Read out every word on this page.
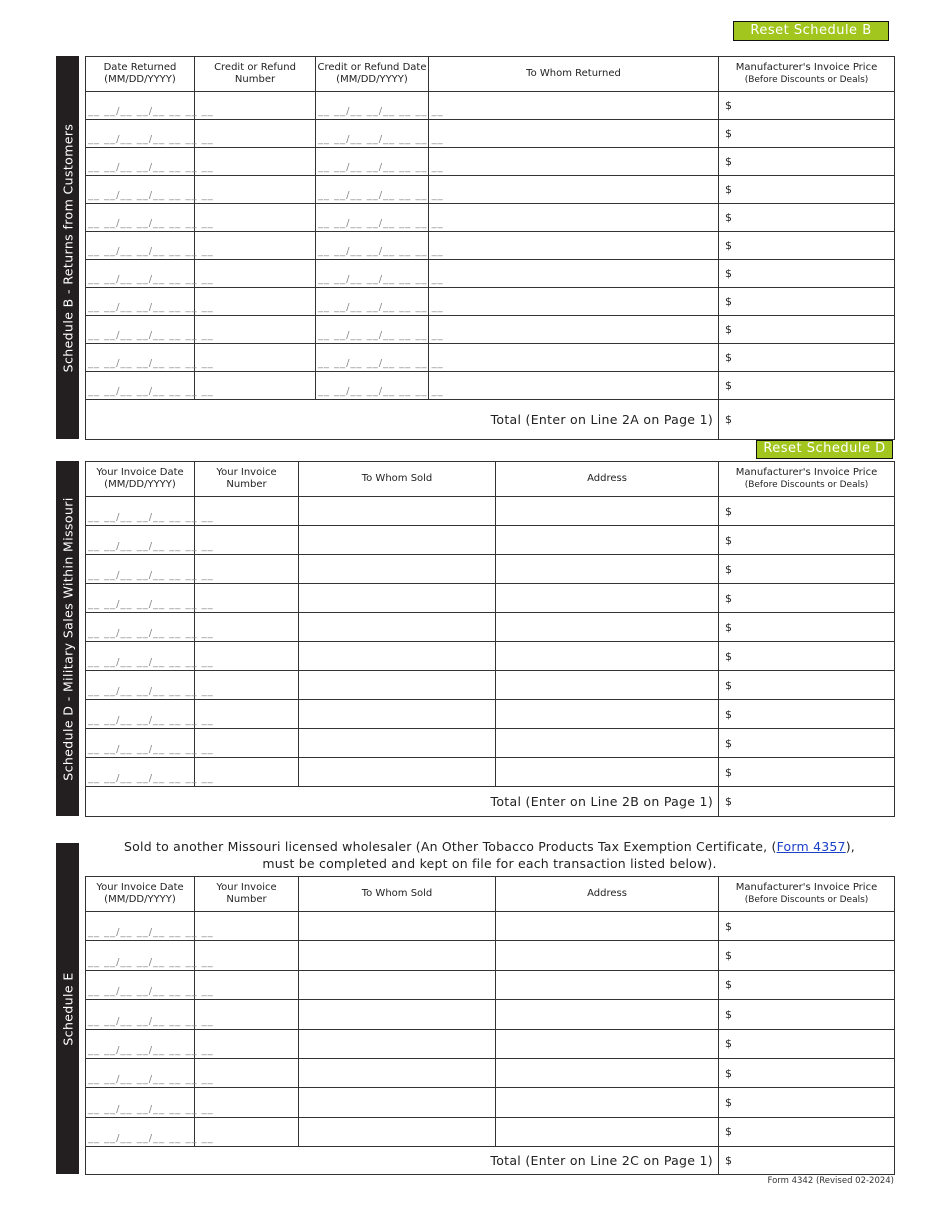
Reset Schedule B
Schedule B - Returns from Customers
Date Returned
(MM/DD/YYYY)	Credit or Refund Number	Credit or Refund Date
(MM/DD/YYYY)	To Whom Returned	Manufacturer's Invoice Price
(Before Discounts or Deals)
__ __/__ __/__ __ __ __		__ __/__ __/__ __ __ __		$
__ __/__ __/__ __ __ __		__ __/__ __/__ __ __ __		$
__ __/__ __/__ __ __ __		__ __/__ __/__ __ __ __		$
__ __/__ __/__ __ __ __		__ __/__ __/__ __ __ __		$
__ __/__ __/__ __ __ __		__ __/__ __/__ __ __ __		$
__ __/__ __/__ __ __ __		__ __/__ __/__ __ __ __		$
__ __/__ __/__ __ __ __		__ __/__ __/__ __ __ __		$
__ __/__ __/__ __ __ __		__ __/__ __/__ __ __ __		$
__ __/__ __/__ __ __ __		__ __/__ __/__ __ __ __		$
__ __/__ __/__ __ __ __		__ __/__ __/__ __ __ __		$
__ __/__ __/__ __ __ __		__ __/__ __/__ __ __ __		$
Total (Enter on Line 2A on Page 1)				$
Reset Schedule D
Schedule D - Military Sales Within Missouri
Your Invoice Date
(MM/DD/YYYY)	Your Invoice Number	To Whom Sold	Address	Manufacturer's Invoice Price
(Before Discounts or Deals)
__ __/__ __/__ __ __ __				$
__ __/__ __/__ __ __ __				$
__ __/__ __/__ __ __ __				$
__ __/__ __/__ __ __ __				$
__ __/__ __/__ __ __ __				$
__ __/__ __/__ __ __ __				$
__ __/__ __/__ __ __ __				$
__ __/__ __/__ __ __ __				$
__ __/__ __/__ __ __ __				$
__ __/__ __/__ __ __ __				$
Total (Enter on Line 2B on Page 1)				$
Sold to another Missouri licensed wholesaler (An Other Tobacco Products Tax Exemption Certificate, (Form 4357),
must be completed and kept on file for each transaction listed below).
Schedule E
Your Invoice Date
(MM/DD/YYYY)	Your Invoice Number	To Whom Sold	Address	Manufacturer's Invoice Price
(Before Discounts or Deals)
__ __/__ __/__ __ __ __				$
__ __/__ __/__ __ __ __				$
__ __/__ __/__ __ __ __				$
__ __/__ __/__ __ __ __				$
__ __/__ __/__ __ __ __				$
__ __/__ __/__ __ __ __				$
__ __/__ __/__ __ __ __				$
__ __/__ __/__ __ __ __				$
Total (Enter on Line 2C on Page 1)				$
Form 4342 (Revised 02-2024)
